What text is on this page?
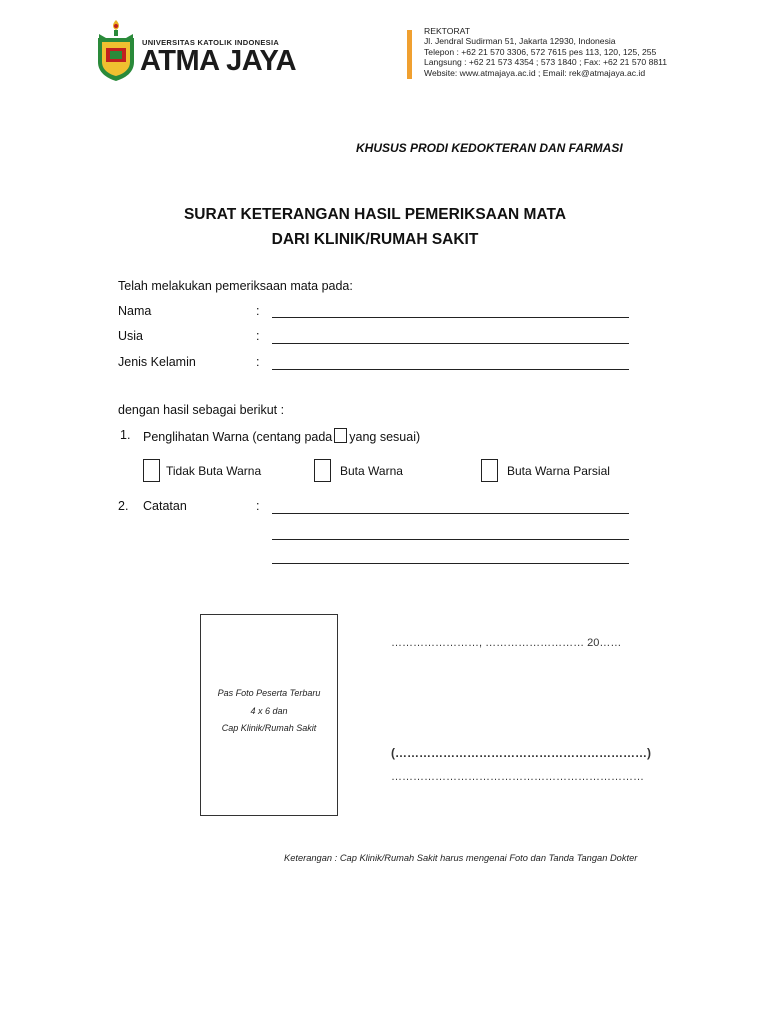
UNIVERSITAS KATOLIK INDONESIA
ATMA JAYA
REKTORAT
Jl. Jendral Sudirman 51, Jakarta 12930, Indonesia
Telepon : +62 21 570 3306, 572 7615 pes 113, 120, 125, 255
Langsung : +62 21 573 4354 ; 573 1840 ; Fax: +62 21 570 8811
Website: www.atmajaya.ac.id ; Email: rek@atmajaya.ac.id
KHUSUS PRODI KEDOKTERAN DAN FARMASI
SURAT KETERANGAN HASIL PEMERIKSAAN MATA
DARI KLINIK/RUMAH SAKIT
Telah melakukan pemeriksaan mata pada:
Nama	:
Usia	:
Jenis Kelamin	:
dengan hasil sebagai berikut :
1. Penglihatan Warna (centang pada yang sesuai)
Tidak Buta Warna	Buta Warna	Buta Warna Parsial
2. Catatan	:
Pas Foto Peserta Terbaru
4 x 6 dan
Cap Klinik/Rumah Sakit
……………………, ……………………… 20……
(………………………………………………………)
……………………………………………………………
Keterangan : Cap Klinik/Rumah Sakit harus mengenai Foto dan Tanda Tangan Dokter
